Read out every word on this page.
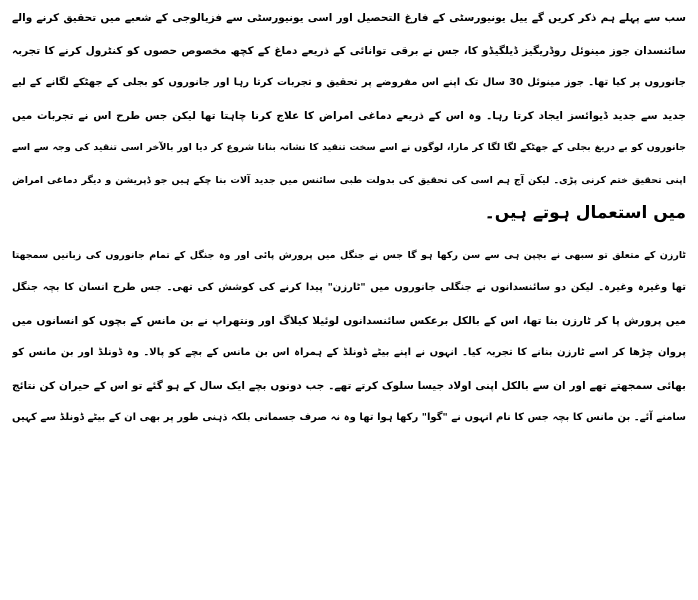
سب سے پہلے ہم ذکر کریں گے ییل یونیورسٹی کے فارغ التحصیل اور اسی یونیورسٹی سے فزیالوجی کے شعبے میں تحقیق کرنے والے
سائنسدان جوز مینوئل روڈریگیز ڈیلگیڈو کا، جس نے برقی توانائی کے ذریعے دماغ کے کچھ مخصوص حصوں کو کنٹرول کرنے کا تجربہ
جانوروں پر کیا تھا۔ جوز مینوئل 30 سال تک اپنے اس مفروضے پر تحقیق و تجربات کرتا رہا اور جانوروں کو بجلی کے جھٹکے لگانے کے لیے
جدید سے جدید ڈیوائسز ایجاد کرتا رہا۔ وہ اس کے ذریعے دماغی امراض کا علاج کرنا چاہتا تھا لیکن جس طرح اس نے تجربات میں
جانوروں کو بے دریغ بجلی کے جھٹکے لگا لگا کر مارا، لوگوں نے اسے سخت تنقید کا نشانہ بنانا شروع کر دیا اور بالآخر اسی تنقید کی وجہ سے اسے
اپنی تحقیق ختم کرنی پڑی۔ لیکن آج ہم اسی کی تحقیق کی بدولت طبی سائنس میں جدید آلات بنا چکے ہیں جو ڈپریشن و دیگر دماغی امراض
میں استعمال ہوتے ہیں۔
ٹارزن کے متعلق تو سبھی نے بچپن ہی سے سن رکھا ہو گا جس نے جنگل میں پرورش پائی اور وہ جنگل کے تمام جانوروں کی زبانیں سمجھتا
تھا وغیرہ وغیرہ۔ لیکن دو سائنسدانوں نے جنگلی جانوروں میں "ٹارزن" پیدا کرنے کی کوشش کی تھی۔ جس طرح انسان کا بچہ جنگل
میں پرورش پا کر ٹارزن بنا تھا، اس کے بالکل برعکس سائنسدانوں لوئیلا کیلاگ اور ونتھراپ نے بن مانس کے بچوں کو انسانوں میں
پروان چڑھا کر اسے ٹارزن بنانے کا تجربہ کیا۔ انہوں نے اپنے بیٹے ڈونلڈ کے ہمراہ اس بن مانس کے بچے کو پالا۔ وہ ڈونلڈ اور بن مانس کو
بھائی سمجھتے تھے اور ان سے بالکل اپنی اولاد جیسا سلوک کرتے تھے۔ جب دونوں بچے ایک سال کے ہو گئے تو اس کے حیران کن نتائج
سامنے آئے۔ بن مانس کا بچہ جس کا نام انہوں نے "گوا" رکھا ہوا تھا وہ نہ صرف جسمانی بلکہ ذہنی طور پر بھی ان کے بیٹے ڈونلڈ سے کہیں
